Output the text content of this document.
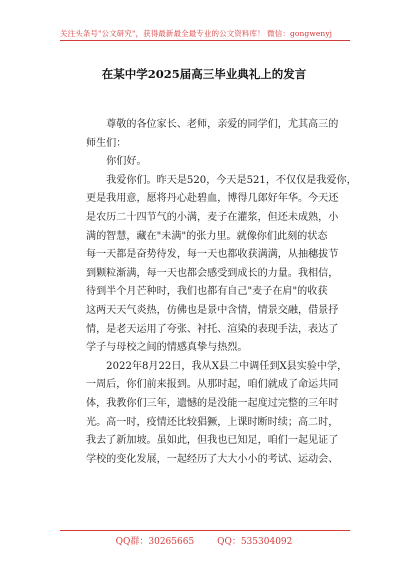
关注头条号"公文研究"，获得最新最全最专业的公文资料库！ 微信：gongwenyj
在某中学2025届高三毕业典礼上的发言

　　尊敬的各位家长、老师，亲爱的同学们，尤其高三的
师生们：
　　你们好。
　　我爱你们。昨天是520，今天是521，不仅仅是我爱你，
更是我用意，愿将丹心赴碧血，博得几郎好年华。今天还
是农历二十四节气的小满，麦子在灌浆，但还未成熟，小
满的智慧，藏在"未满"的张力里。就像你们此刻的状态
每一天都是奋势待发，每一天也都收获满满，从抽穗拔节
到颗粒渐满，每一天也都会感受到成长的力量。我相信，
待到半个月芒种时，我们也都有自己"麦子在肩"的收获
这两天天气炎热，仿佛也是景中含情，情景交融，借景抒
情，是老天运用了夸张、衬托、渲染的表现手法，表达了
学子与母校之间的情感真挚与热烈。
　　2022年8月22日，我从X县二中调任到X县实验中学，
一周后，你们前来报到。从那时起，咱们就成了命运共同
体，我教你们三年，遗憾的是没能一起度过完整的三年时
光。高一时，疫情还比较猖獗，上课时断时续；高二时，
我去了新加坡。虽如此，但我也已知足，咱们一起见证了
学校的变化发展，一起经历了大大小小的考试、运动会、

QQ群：30265665	QQ：535304092
